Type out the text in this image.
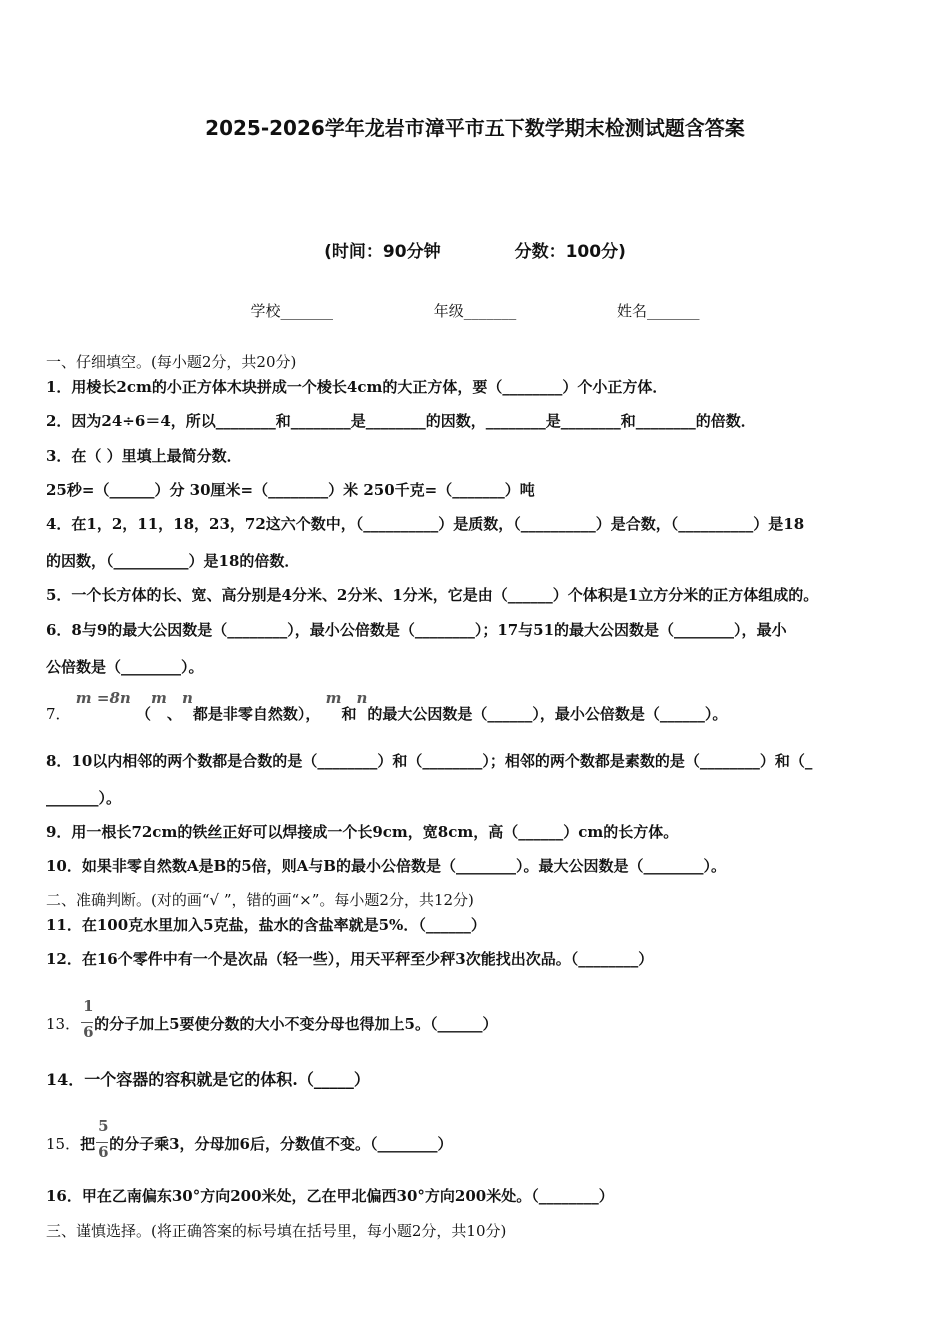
2025-2026学年龙岩市漳平市五下数学期末检测试题含答案
(时间：90分钟	分数：100分)
学校_______	年级_______	姓名_______
一、仔细填空。(每小题2分，共20分)
1．用棱长2cm的小正方体木块拼成一个棱长4cm的大正方体，要（________）个小正方体．
2．因为24÷6＝4，所以________和________是________的因数，________是________和________的倍数．
3．在（ ）里填上最简分数．
25秒=（______）分 30厘米=（________）米 250千克=（_______）吨
4．在1，2，11，18，23，72这六个数中，（__________）是质数，（__________）是合数，（__________）是18
的因数，（__________）是18的倍数．
5．一个长方体的长、宽、高分别是4分米、2分米、1分米，它是由（______）个体积是1立方分米的正方体组成的。
6．8与9的最大公因数是（________），最小公倍数是（________）；17与51的最大公因数是（________），最小
公倍数是（________）。
7． m =8n （m、n都是非零自然数）， m和n的最大公因数是（______），最小公倍数是（______）。
8．10以内相邻的两个数都是合数的是（________）和（________）；相邻的两个数都是素数的是（________）和（_
_______）。
9．用一根长72cm的铁丝正好可以焊接成一个长9cm，宽8cm，高（______）cm的长方体。
10．如果非零自然数A是B的5倍，则A与B的最小公倍数是（________）。最大公因数是（________）。
二、准确判断。(对的画“√ ”，错的画“×”。每小题2分，共12分)
11．在100克水里加入5克盐，盐水的含盐率就是5%．（______）
12．在16个零件中有一个是次品（轻一些），用天平秤至少秤3次能找出次品。（________）
13． $\frac{1}{6}$ 的分子加上5要使分数的大小不变分母也得加上5。（______）
14．一个容器的容积就是它的体积.（_____）
15．把 $\frac{5}{6}$ 的分子乘3，分母加6后，分数值不变。（________）
16．甲在乙南偏东30°方向200米处，乙在甲北偏西30°方向200米处。（________）
三、谨慎选择。(将正确答案的标号填在括号里，每小题2分，共10分)
